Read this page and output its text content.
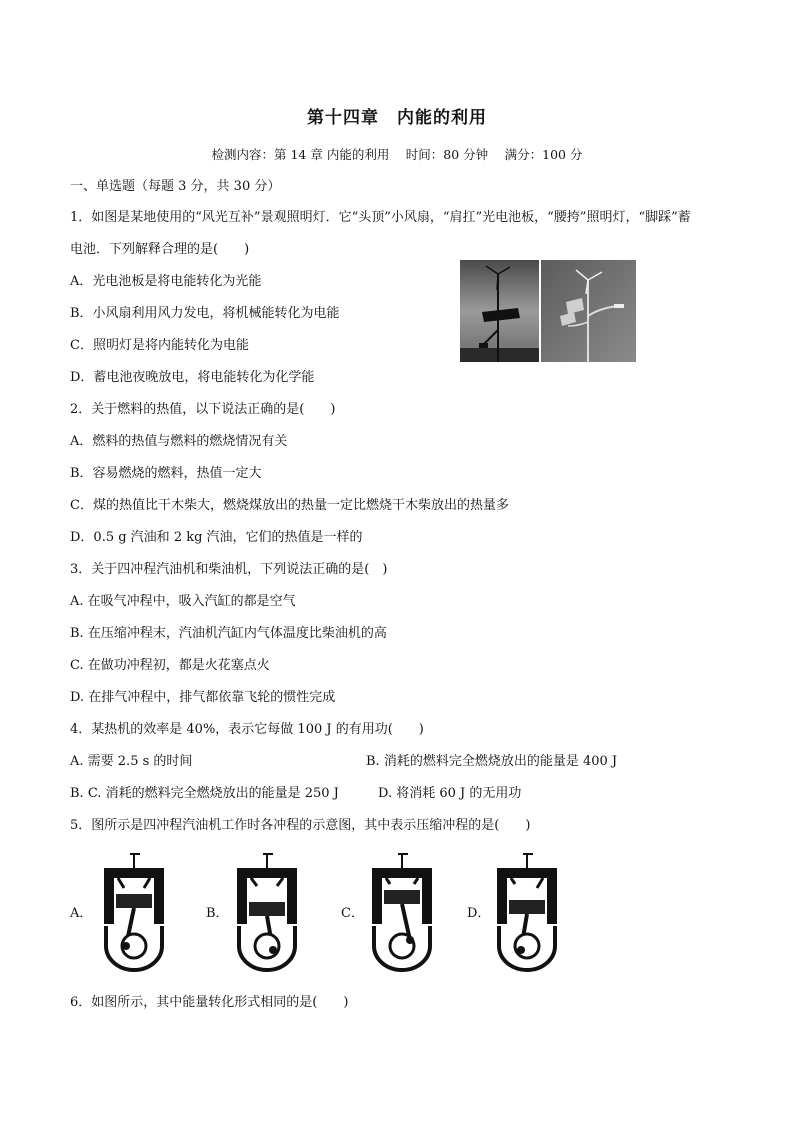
第十四章　内能的利用
检测内容：第 14 章 内能的利用　 时间：80 分钟　 满分：100 分
一、单选题（每题 3 分，共 30 分）
1．如图是某地使用的“风光互补”景观照明灯．它“头顶”小风扇，“肩扛”光电池板，“腰挎”照明灯，“脚踩”蓄
电池．下列解释合理的是(　　)
A．光电池板是将电能转化为光能
B．小风扇利用风力发电，将机械能转化为电能
C．照明灯是将内能转化为电能
D．蓄电池夜晚放电，将电能转化为化学能
2．关于燃料的热值，以下说法正确的是(　　)
A．燃料的热值与燃料的燃烧情况有关
B．容易燃烧的燃料，热值一定大
C．煤的热值比干木柴大，燃烧煤放出的热量一定比燃烧干木柴放出的热量多
D．0.5 g 汽油和 2 kg 汽油，它们的热值是一样的
3．关于四冲程汽油机和柴油机，下列说法正确的是(　)
A. 在吸气冲程中，吸入汽缸的都是空气
B. 在压缩冲程末，汽油机汽缸内气体温度比柴油机的高
C. 在做功冲程初，都是火花塞点火
D. 在排气冲程中，排气都依靠飞轮的惯性完成
4．某热机的效率是 40%，表示它每做 100 J 的有用功(　　)
A. 需要 2.5 s 的时间	B. 消耗的燃料完全燃烧放出的能量是 400 J
B. C. 消耗的燃料完全燃烧放出的能量是 250 J	D. 将消耗 60 J 的无用功
5．图所示是四冲程汽油机工作时各冲程的示意图，其中表示压缩冲程的是(　　)
A．	B．	C．	D．
6．如图所示，其中能量转化形式相同的是(　　)
